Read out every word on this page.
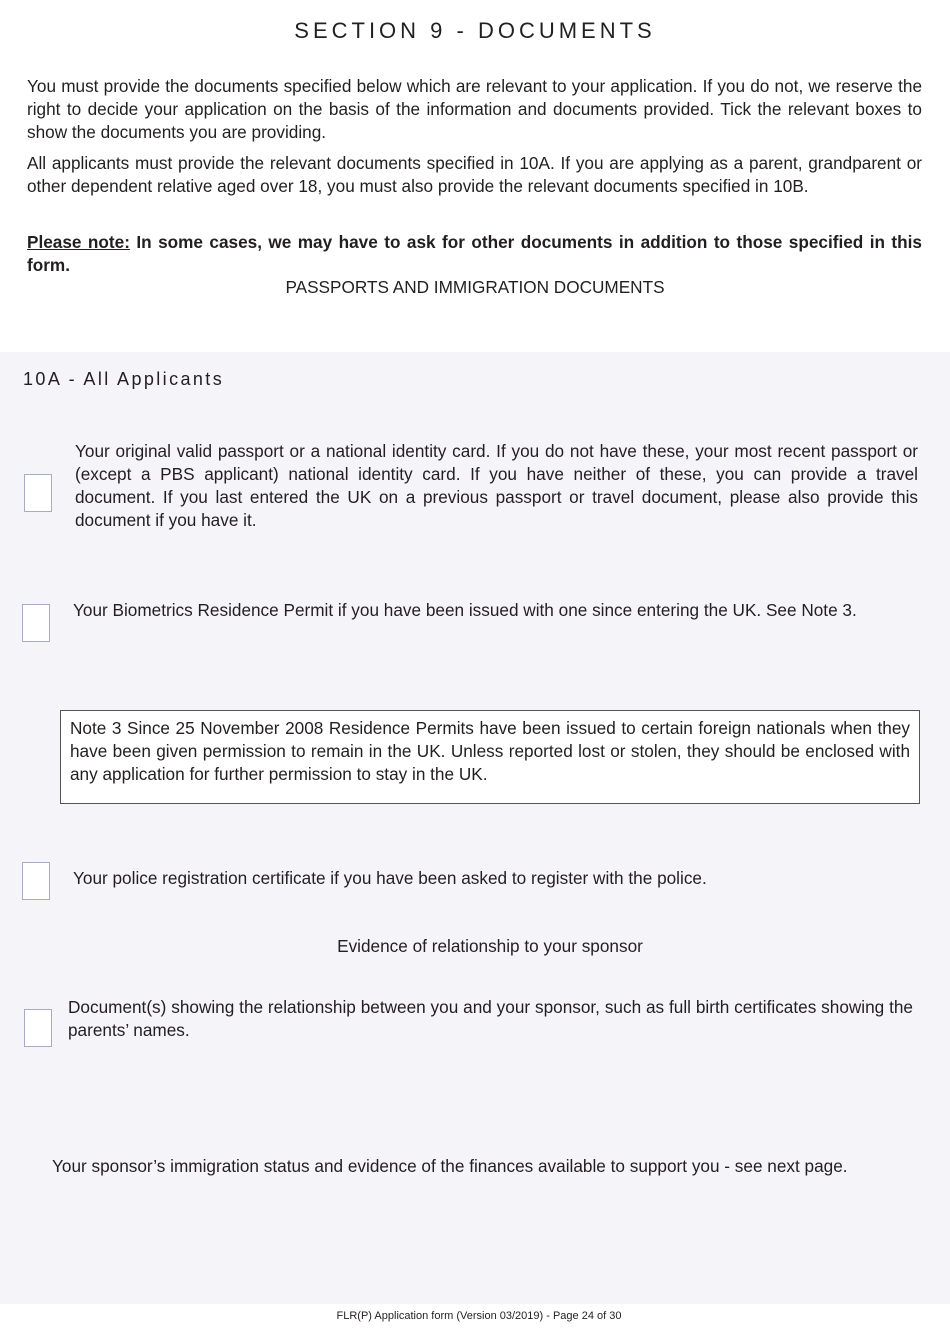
SECTION 9 - DOCUMENTS

You must provide the documents specified below which are relevant to your application. If you do not, we reserve the right to decide your application on the basis of the information and documents provided. Tick the relevant boxes to show the documents you are providing.

All applicants must provide the relevant documents specified in 10A. If you are applying as a parent, grandparent or other dependent relative aged over 18, you must also provide the relevant documents specified in 10B.

Please note: In some cases, we may have to ask for other documents in addition to those specified in this form.

PASSPORTS AND IMMIGRATION DOCUMENTS
10A - All Applicants

Your original valid passport or a national identity card. If you do not have these, your most recent passport or (except a PBS applicant) national identity card. If you have neither of these, you can provide a travel document. If you last entered the UK on a previous passport or travel document, please also provide this document if you have it.

Your Biometrics Residence Permit if you have been issued with one since entering the UK. See Note 3.

Note 3 Since 25 November 2008 Residence Permits have been issued to certain foreign nationals when they have been given permission to remain in the UK. Unless reported lost or stolen, they should be enclosed with any application for further permission to stay in the UK.

Your police registration certificate if you have been asked to register with the police.

Evidence of relationship to your sponsor

Document(s) showing the relationship between you and your sponsor, such as full birth certificates showing the parents’ names.

Your sponsor’s immigration status and evidence of the finances available to support you - see next page.

FLR(P) Application form (Version 03/2019) - Page 24 of 30
